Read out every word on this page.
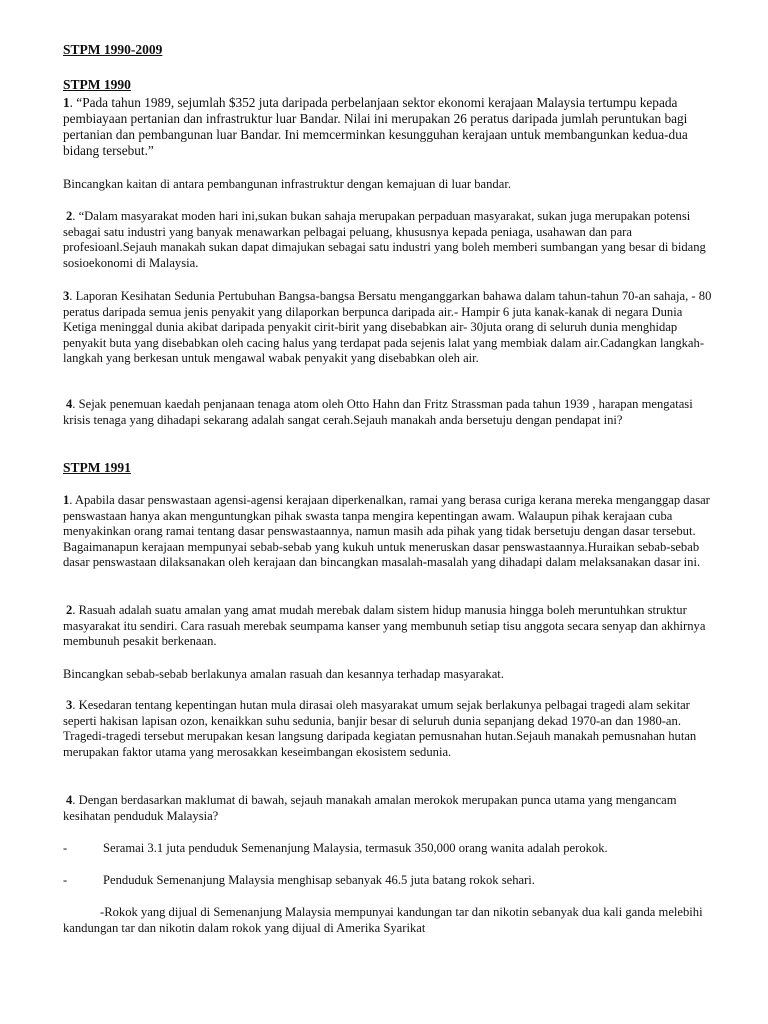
STPM 1990-2009

STPM 1990

1. “Pada tahun 1989, sejumlah $352 juta daripada perbelanjaan sektor ekonomi kerajaan Malaysia tertumpu kepada pembiayaan pertanian dan infrastruktur luar Bandar. Nilai ini merupakan 26 peratus daripada jumlah peruntukan bagi pertanian dan pembangunan luar Bandar. Ini memcerminkan kesungguhan kerajaan untuk membangunkan kedua-dua bidang tersebut.”

Bincangkan kaitan di antara pembangunan infrastruktur dengan kemajuan di luar bandar.

2. “Dalam masyarakat moden hari ini,sukan bukan sahaja merupakan perpaduan masyarakat, sukan juga merupakan potensi sebagai satu industri yang banyak menawarkan pelbagai peluang, khususnya kepada peniaga, usahawan dan para profesioanl.Sejauh manakah sukan dapat dimajukan sebagai satu industri yang boleh memberi sumbangan yang besar di bidang sosioekonomi di Malaysia.

3. Laporan Kesihatan Sedunia Pertubuhan Bangsa-bangsa Bersatu menganggarkan bahawa dalam tahun-tahun 70-an sahaja, - 80 peratus daripada semua jenis penyakit yang dilaporkan berpunca daripada air.- Hampir 6 juta kanak-kanak di negara Dunia Ketiga meninggal dunia akibat daripada penyakit cirit-birit yang disebabkan air- 30juta orang di seluruh dunia menghidap penyakit buta yang disebabkan oleh cacing halus yang terdapat pada sejenis lalat yang membiak dalam air.Cadangkan langkah-langkah yang berkesan untuk mengawal wabak penyakit yang disebabkan oleh air.

4. Sejak penemuan kaedah penjanaan tenaga atom oleh Otto Hahn dan Fritz Strassman pada tahun 1939 , harapan mengatasi krisis tenaga yang dihadapi sekarang adalah sangat cerah.Sejauh manakah anda bersetuju dengan pendapat ini?

STPM 1991

1. Apabila dasar penswastaan agensi-agensi kerajaan diperkenalkan, ramai yang berasa curiga kerana mereka menganggap dasar penswastaan hanya akan menguntungkan pihak swasta tanpa mengira kepentingan awam. Walaupun pihak kerajaan cuba menyakinkan orang ramai tentang dasar penswastaannya, namun masih ada pihak yang tidak bersetuju dengan dasar tersebut. Bagaimanapun kerajaan mempunyai sebab-sebab yang kukuh untuk meneruskan dasar penswastaannya.Huraikan sebab-sebab dasar penswastaan dilaksanakan oleh kerajaan dan bincangkan masalah-masalah yang dihadapi dalam melaksanakan dasar ini.

2. Rasuah adalah suatu amalan yang amat mudah merebak dalam sistem hidup manusia hingga boleh meruntuhkan struktur masyarakat itu sendiri. Cara rasuah merebak seumpama kanser yang membunuh setiap tisu anggota secara senyap dan akhirnya membunuh pesakit berkenaan.

Bincangkan sebab-sebab berlakunya amalan rasuah dan kesannya terhadap masyarakat.

3. Kesedaran tentang kepentingan hutan mula dirasai oleh masyarakat umum sejak berlakunya pelbagai tragedi alam sekitar seperti hakisan lapisan ozon, kenaikkan suhu sedunia, banjir besar di seluruh dunia sepanjang dekad 1970-an dan 1980-an. Tragedi-tragedi tersebut merupakan kesan langsung daripada kegiatan pemusnahan hutan.Sejauh manakah pemusnahan hutan merupakan faktor utama yang merosakkan keseimbangan ekosistem sedunia.

4. Dengan berdasarkan maklumat di bawah, sejauh manakah amalan merokok merupakan punca utama yang mengancam kesihatan penduduk Malaysia?

-	Seramai 3.1 juta penduduk Semenanjung Malaysia, termasuk 350,000 orang wanita adalah perokok.
-	Penduduk Semenanjung Malaysia menghisap sebanyak 46.5 juta batang rokok sehari.

-Rokok yang dijual di Semenanjung Malaysia mempunyai kandungan tar dan nikotin sebanyak dua kali ganda melebihi kandungan tar dan nikotin dalam rokok yang dijual di Amerika Syarikat
